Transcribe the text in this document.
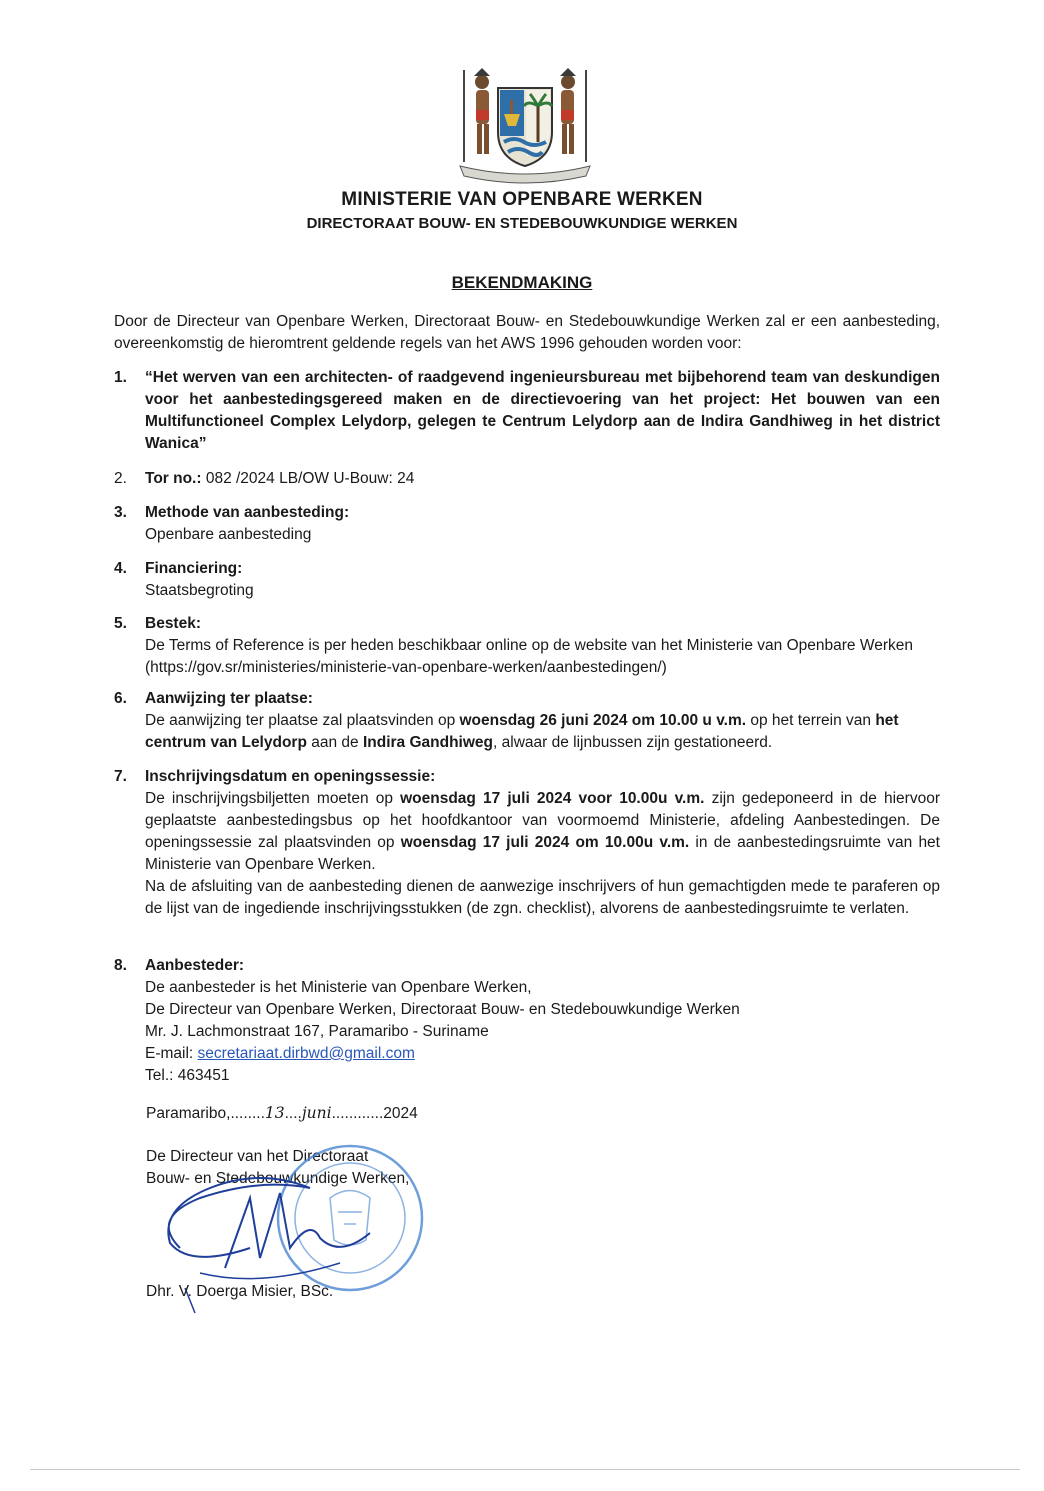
MINISTERIE VAN OPENBARE WERKEN
DIRECTORAAT BOUW- EN STEDEBOUWKUNDIGE WERKEN
BEKENDMAKING
Door de Directeur van Openbare Werken, Directoraat Bouw- en Stedebouwkundige Werken zal er een aanbesteding, overeenkomstig de hieromtrent geldende regels van het AWS 1996 gehouden worden voor:
1.	“Het werven van een architecten- of raadgevend ingenieursbureau met bijbehorend team van deskundigen voor het aanbestedingsgereed maken en de directievoering van het project: Het bouwen van een Multifunctioneel Complex Lelydorp, gelegen te Centrum Lelydorp aan de Indira Gandhiweg in het district Wanica”
2.	Tor no.: 082 /2024 LB/OW U-Bouw: 24
3.	Methode van aanbesteding:
Openbare aanbesteding
4.	Financiering:
Staatsbegroting
5.	Bestek:
De Terms of Reference is per heden beschikbaar online op de website van het Ministerie van Openbare Werken (https://gov.sr/ministeries/ministerie-van-openbare-werken/aanbestedingen/)
6.	Aanwijzing ter plaatse:
De aanwijzing ter plaatse zal plaatsvinden op woensdag 26 juni 2024 om 10.00 u v.m. op het terrein van het centrum van Lelydorp aan de Indira Gandhiweg, alwaar de lijnbussen zijn gestationeerd.
7.	Inschrijvingsdatum en openingssessie:
De inschrijvingsbiljetten moeten op woensdag 17 juli 2024 voor 10.00u v.m. zijn gedeponeerd in de hiervoor geplaatste aanbestedingsbus op het hoofdkantoor van voormoemd Ministerie, afdeling Aanbestedingen. De openingssessie zal plaatsvinden op woensdag 17 juli 2024 om 10.00u v.m. in de aanbestedingsruimte van het Ministerie van Openbare Werken.
Na de afsluiting van de aanbesteding dienen de aanwezige inschrijvers of hun gemachtigden mede te paraferen op de lijst van de ingediende inschrijvingsstukken (de zgn. checklist), alvorens de aanbestedingsruimte te verlaten.
8.	Aanbesteder:
De aanbesteder is het Ministerie van Openbare Werken,
De Directeur van Openbare Werken, Directoraat Bouw- en Stedebouwkundige Werken
Mr. J. Lachmonstraat 167, Paramaribo - Suriname
E-mail: secretariaat.dirbwd@gmail.com
Tel.: 463451
Paramaribo,........13....juni............2024
De Directeur van het Directoraat
Bouw- en Stedebouwkundige Werken,
Dhr. V. Doerga Misier, BSc.
